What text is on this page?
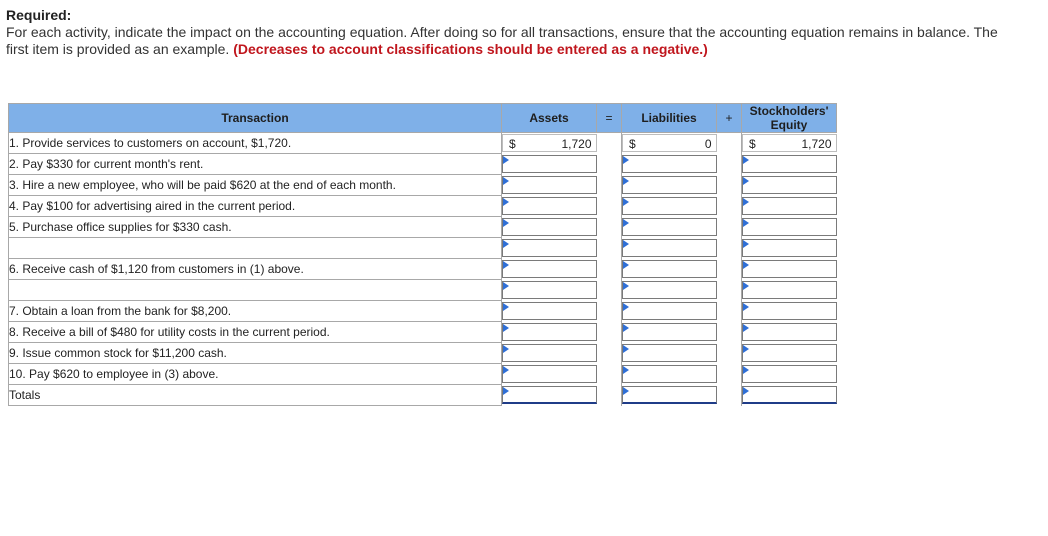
Required:
For each activity, indicate the impact on the accounting equation. After doing so for all transactions, ensure that the accounting equation remains in balance. The first item is provided as an example. (Decreases to account classifications should be entered as a negative.)
Transaction	Assets	=	Liabilities	+	Stockholders'
Equity

1. Provide services to customers on account, $1,720.	$ 1,720		$ 0		$ 1,720

2. Pay $330 for current month's rent.	

3. Hire a new employee, who will be paid $620 at the end of each month.	

4. Pay $100 for advertising aired in the current period.	

5. Purchase office supplies for $330 cash.	

6. Receive cash of $1,120 from customers in (1) above.	

7. Obtain a loan from the bank for $8,200.	

8. Receive a bill of $480 for utility costs in the current period.	

9. Issue common stock for $11,200 cash.	

10. Pay $620 to employee in (3) above.	

Totals	
